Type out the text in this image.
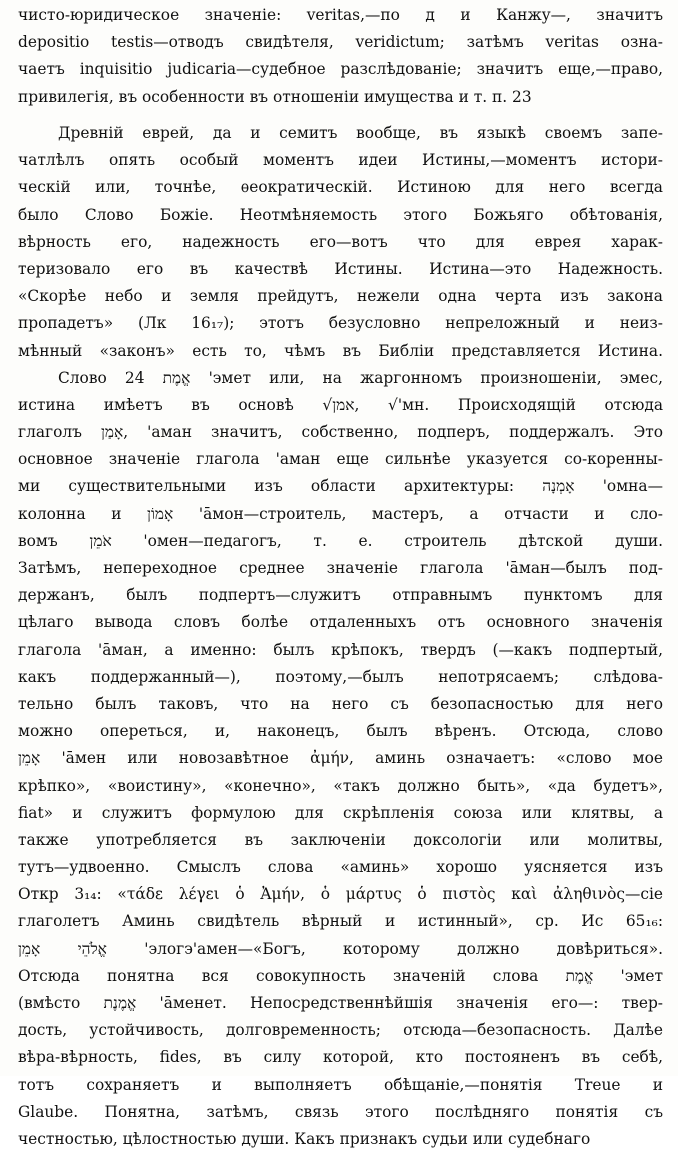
чисто-юридическое значенiе: veritas,—по д и Канжу—, значитъ
depositio testis—отводъ свидѣтеля, veridictum; затѣмъ veritas озна-
чаетъ inquisitio judicaria—судебное разслѣдованiе; значитъ еще,—право,
привилегiя, въ особенности въ отношенiи имущества и т. п. 23
Древнiй еврей, да и семитъ вообще, въ языкѣ своемъ запе-
чатлѣлъ опять особый моментъ идеи Истины,—моментъ истори-
ческiй или, точнѣе, ѳеократическiй. Истиною для него всегда
было Слово Божiе. Неотмѣняемость этого Божьяго обѣтованiя,
вѣрность его, надежность его—вотъ что для еврея харак-
теризовало его въ качествѣ Истины. Истина—это Надежность.
«Скорѣе небо и земля прейдутъ, нежели одна черта изъ закона
пропадетъ» (Лк 16₁₇); этотъ безусловно непреложный и неиз-
мѣнный «законъ» есть то, чѣмъ въ Библiи представляется Истина.
Слово 24 אֱמֶת 'эмет или, на жаргонномъ произношенiи, эмес,
истина имѣетъ въ основѣ √אמן, √'мн. Происходящiй отсюда
глаголъ אָמַן, 'аман значитъ, собственно, подперъ, поддержалъ. Это
основное значенiе глагола 'аман еще сильнѣе указуется со-коренны-
ми существительными изъ области архитектуры: אָמְנָה 'омна—
колонна и אָמוֹן 'āмон—строитель, мастеръ, а отчасти и сло-
вомъ אֹמֵן 'омен—педагогъ, т. е. строитель дѣтской души.
Затѣмъ, непереходное среднее значенiе глагола 'āман—былъ под-
держанъ, былъ подпертъ—служитъ отправнымъ пунктомъ для
цѣлаго вывода словъ болѣе отдаленныхъ отъ основного значенiя
глагола 'āман, а именно: былъ крѣпокъ, твердъ (—какъ подпертый,
какъ поддержанный—), поэтому,—былъ непотрясаемъ; слѣдова-
тельно былъ таковъ, что на него съ безопасностью для него
можно опереться, и, наконецъ, былъ вѣренъ. Отсюда, слово
אָמֵן 'āмен или новозавѣтное ἀμήν, аминь означаетъ: «слово мое
крѣпко», «воистину», «конечно», «такъ должно быть», «да будетъ»,
fiat» и служитъ формулою для скрѣпленiя союза или клятвы, а
также употребляется въ заключенiи доксологiи или молитвы,
тутъ—удвоенно. Смыслъ слова «аминь» хорошо уясняется изъ
Откр 3₁₄: «τάδε λέγει ὁ Ἀμήν, ὁ μάρτυς ὁ πιστὸς καὶ ἀληθινὸς—сiе
глаголетъ Аминь свидѣтель вѣрный и истинный», ср. Ис 65₁₆:
אֱלֹהֵי אָמֵן 'элогэ'амен—«Богъ, которому должно довѣриться».
Отсюда понятна вся совокупность значенiй слова אֱמֶת 'эмет
(вмѣсто אֱמֶנֶת 'āменет. Непосредственнѣйшiя значенiя его—: твер-
дость, устойчивость, долговременность; отсюда—безопасность. Далѣе
вѣра-вѣрность, fides, въ силу которой, кто постояненъ въ себѣ,
тотъ сохраняетъ и выполняетъ обѣщанiе,—понятiя Treue и
Glaube. Понятна, затѣмъ, связь этого послѣдняго понятiя съ
честностью, цѣлостностью души. Какъ признакъ судьи или судебнаго
